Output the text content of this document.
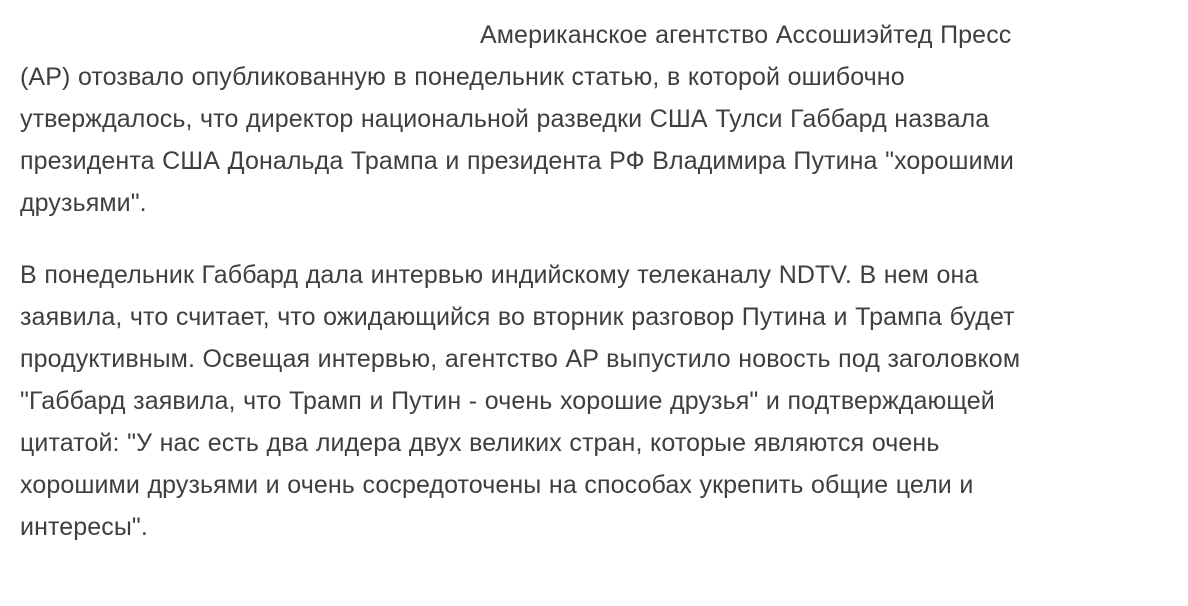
Американское агентство Ассошиэйтед Пресс (AP) отозвало опубликованную в понедельник статью, в которой ошибочно утверждалось, что директор национальной разведки США Тулси Габбард назвала президента США Дональда Трампа и президента РФ Владимира Путина "хорошими друзьями".

В понедельник Габбард дала интервью индийскому телеканалу NDTV. В нем она заявила, что считает, что ожидающийся во вторник разговор Путина и Трампа будет продуктивным. Освещая интервью, агентство AP выпустило новость под заголовком "Габбард заявила, что Трамп и Путин - очень хорошие друзья" и подтверждающей цитатой: "У нас есть два лидера двух великих стран, которые являются очень хорошими друзьями и очень сосредоточены на способах укрепить общие цели и интересы".
